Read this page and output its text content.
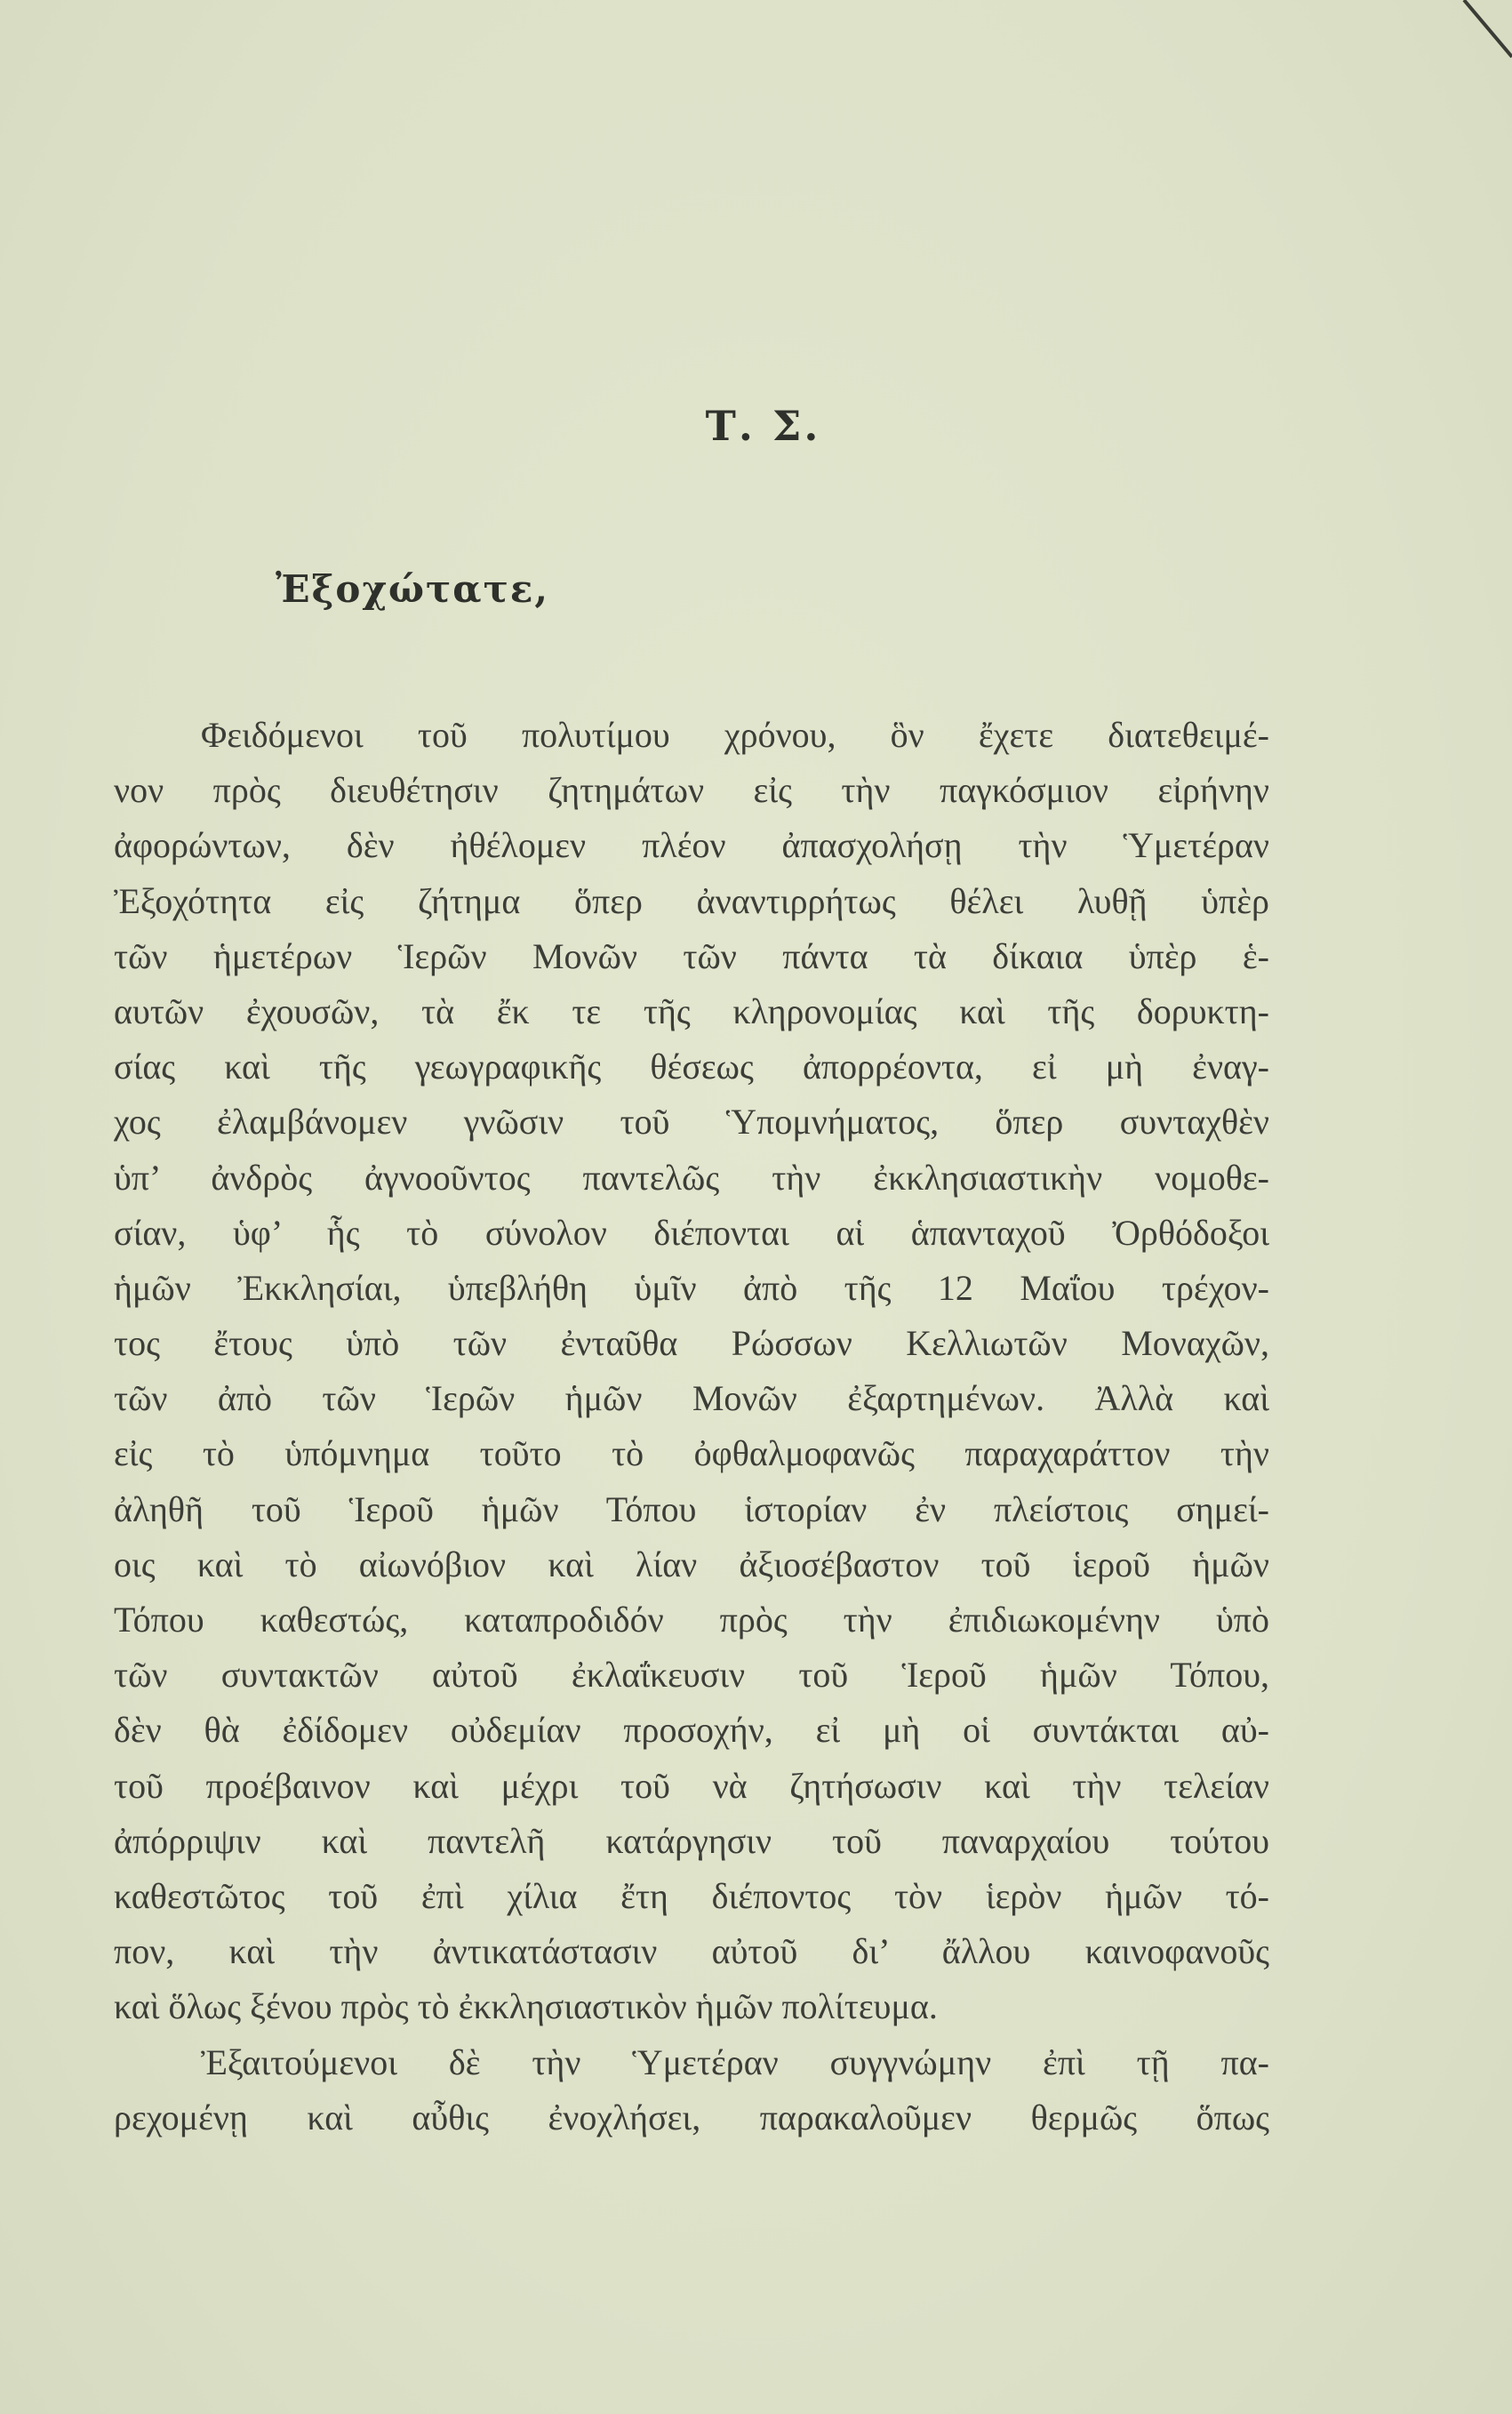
Τ. Σ.
Ἐξοχώτατε,
Φειδόμενοι τοῦ πολυτίμου χρόνου, ὃν ἔχετε διατεθειμέ-
νον πρὸς διευθέτησιν ζητημάτων εἰς τὴν παγκόσμιον εἰρήνην
ἀφορώντων, δὲν ἠθέλομεν πλέον ἀπασχολήσῃ τὴν Ὑμετέραν
Ἐξοχότητα εἰς ζήτημα ὅπερ ἀναντιρρήτως θέλει λυθῇ ὑπὲρ
τῶν ἡμετέρων Ἱερῶν Μονῶν τῶν πάντα τὰ δίκαια ὑπὲρ ἑ-
αυτῶν ἐχουσῶν, τὰ ἔκ τε τῆς κληρονομίας καὶ τῆς δορυκτη-
σίας καὶ τῆς γεωγραφικῆς θέσεως ἀπορρέοντα, εἰ μὴ ἐναγ-
χος ἐλαμβάνομεν γνῶσιν τοῦ Ὑπομνήματος, ὅπερ συνταχθὲν
ὑπ’ ἀνδρὸς ἀγνοοῦντος παντελῶς τὴν ἐκκλησιαστικὴν νομοθε-
σίαν, ὑφ’ ἧς τὸ σύνολον διέπονται αἱ ἁπανταχοῦ Ὀρθόδοξοι
ἡμῶν Ἐκκλησίαι, ὑπεβλήθη ὑμῖν ἀπὸ τῆς 12 Μαΐου τρέχον-
τος ἔτους ὑπὸ τῶν ἐνταῦθα Ρώσσων Κελλιωτῶν Μοναχῶν,
τῶν ἀπὸ τῶν Ἱερῶν ἡμῶν Μονῶν ἐξαρτημένων. Ἀλλὰ καὶ
εἰς τὸ ὑπόμνημα τοῦτο τὸ ὀφθαλμοφανῶς παραχαράττον τὴν
ἀληθῆ τοῦ Ἱεροῦ ἡμῶν Τόπου ἱστορίαν ἐν πλείστοις σημεί-
οις καὶ τὸ αἰωνόβιον καὶ λίαν ἀξιοσέβαστον τοῦ ἱεροῦ ἡμῶν
Τόπου καθεστώς, καταπροδιδόν πρὸς τὴν ἐπιδιωκομένην ὑπὸ
τῶν συντακτῶν αὐτοῦ ἐκλαΐκευσιν τοῦ Ἱεροῦ ἡμῶν Τόπου,
δὲν θὰ ἐδίδομεν οὐδεμίαν προσοχήν, εἰ μὴ οἱ συντάκται αὐ-
τοῦ προέβαινον καὶ μέχρι τοῦ νὰ ζητήσωσιν καὶ τὴν τελείαν
ἀπόρριψιν καὶ παντελῆ κατάργησιν τοῦ παναρχαίου τούτου
καθεστῶτος τοῦ ἐπὶ χίλια ἔτη διέποντος τὸν ἱερὸν ἡμῶν τό-
πον, καὶ τὴν ἀντικατάστασιν αὐτοῦ δι’ ἄλλου καινοφανοῦς
καὶ ὅλως ξένου πρὸς τὸ ἐκκλησιαστικὸν ἡμῶν πολίτευμα.
Ἐξαιτούμενοι δὲ τὴν Ὑμετέραν συγγνώμην ἐπὶ τῇ πα-
ρεχομένῃ καὶ αὖθις ἐνοχλήσει, παρακαλοῦμεν θερμῶς ὅπως
